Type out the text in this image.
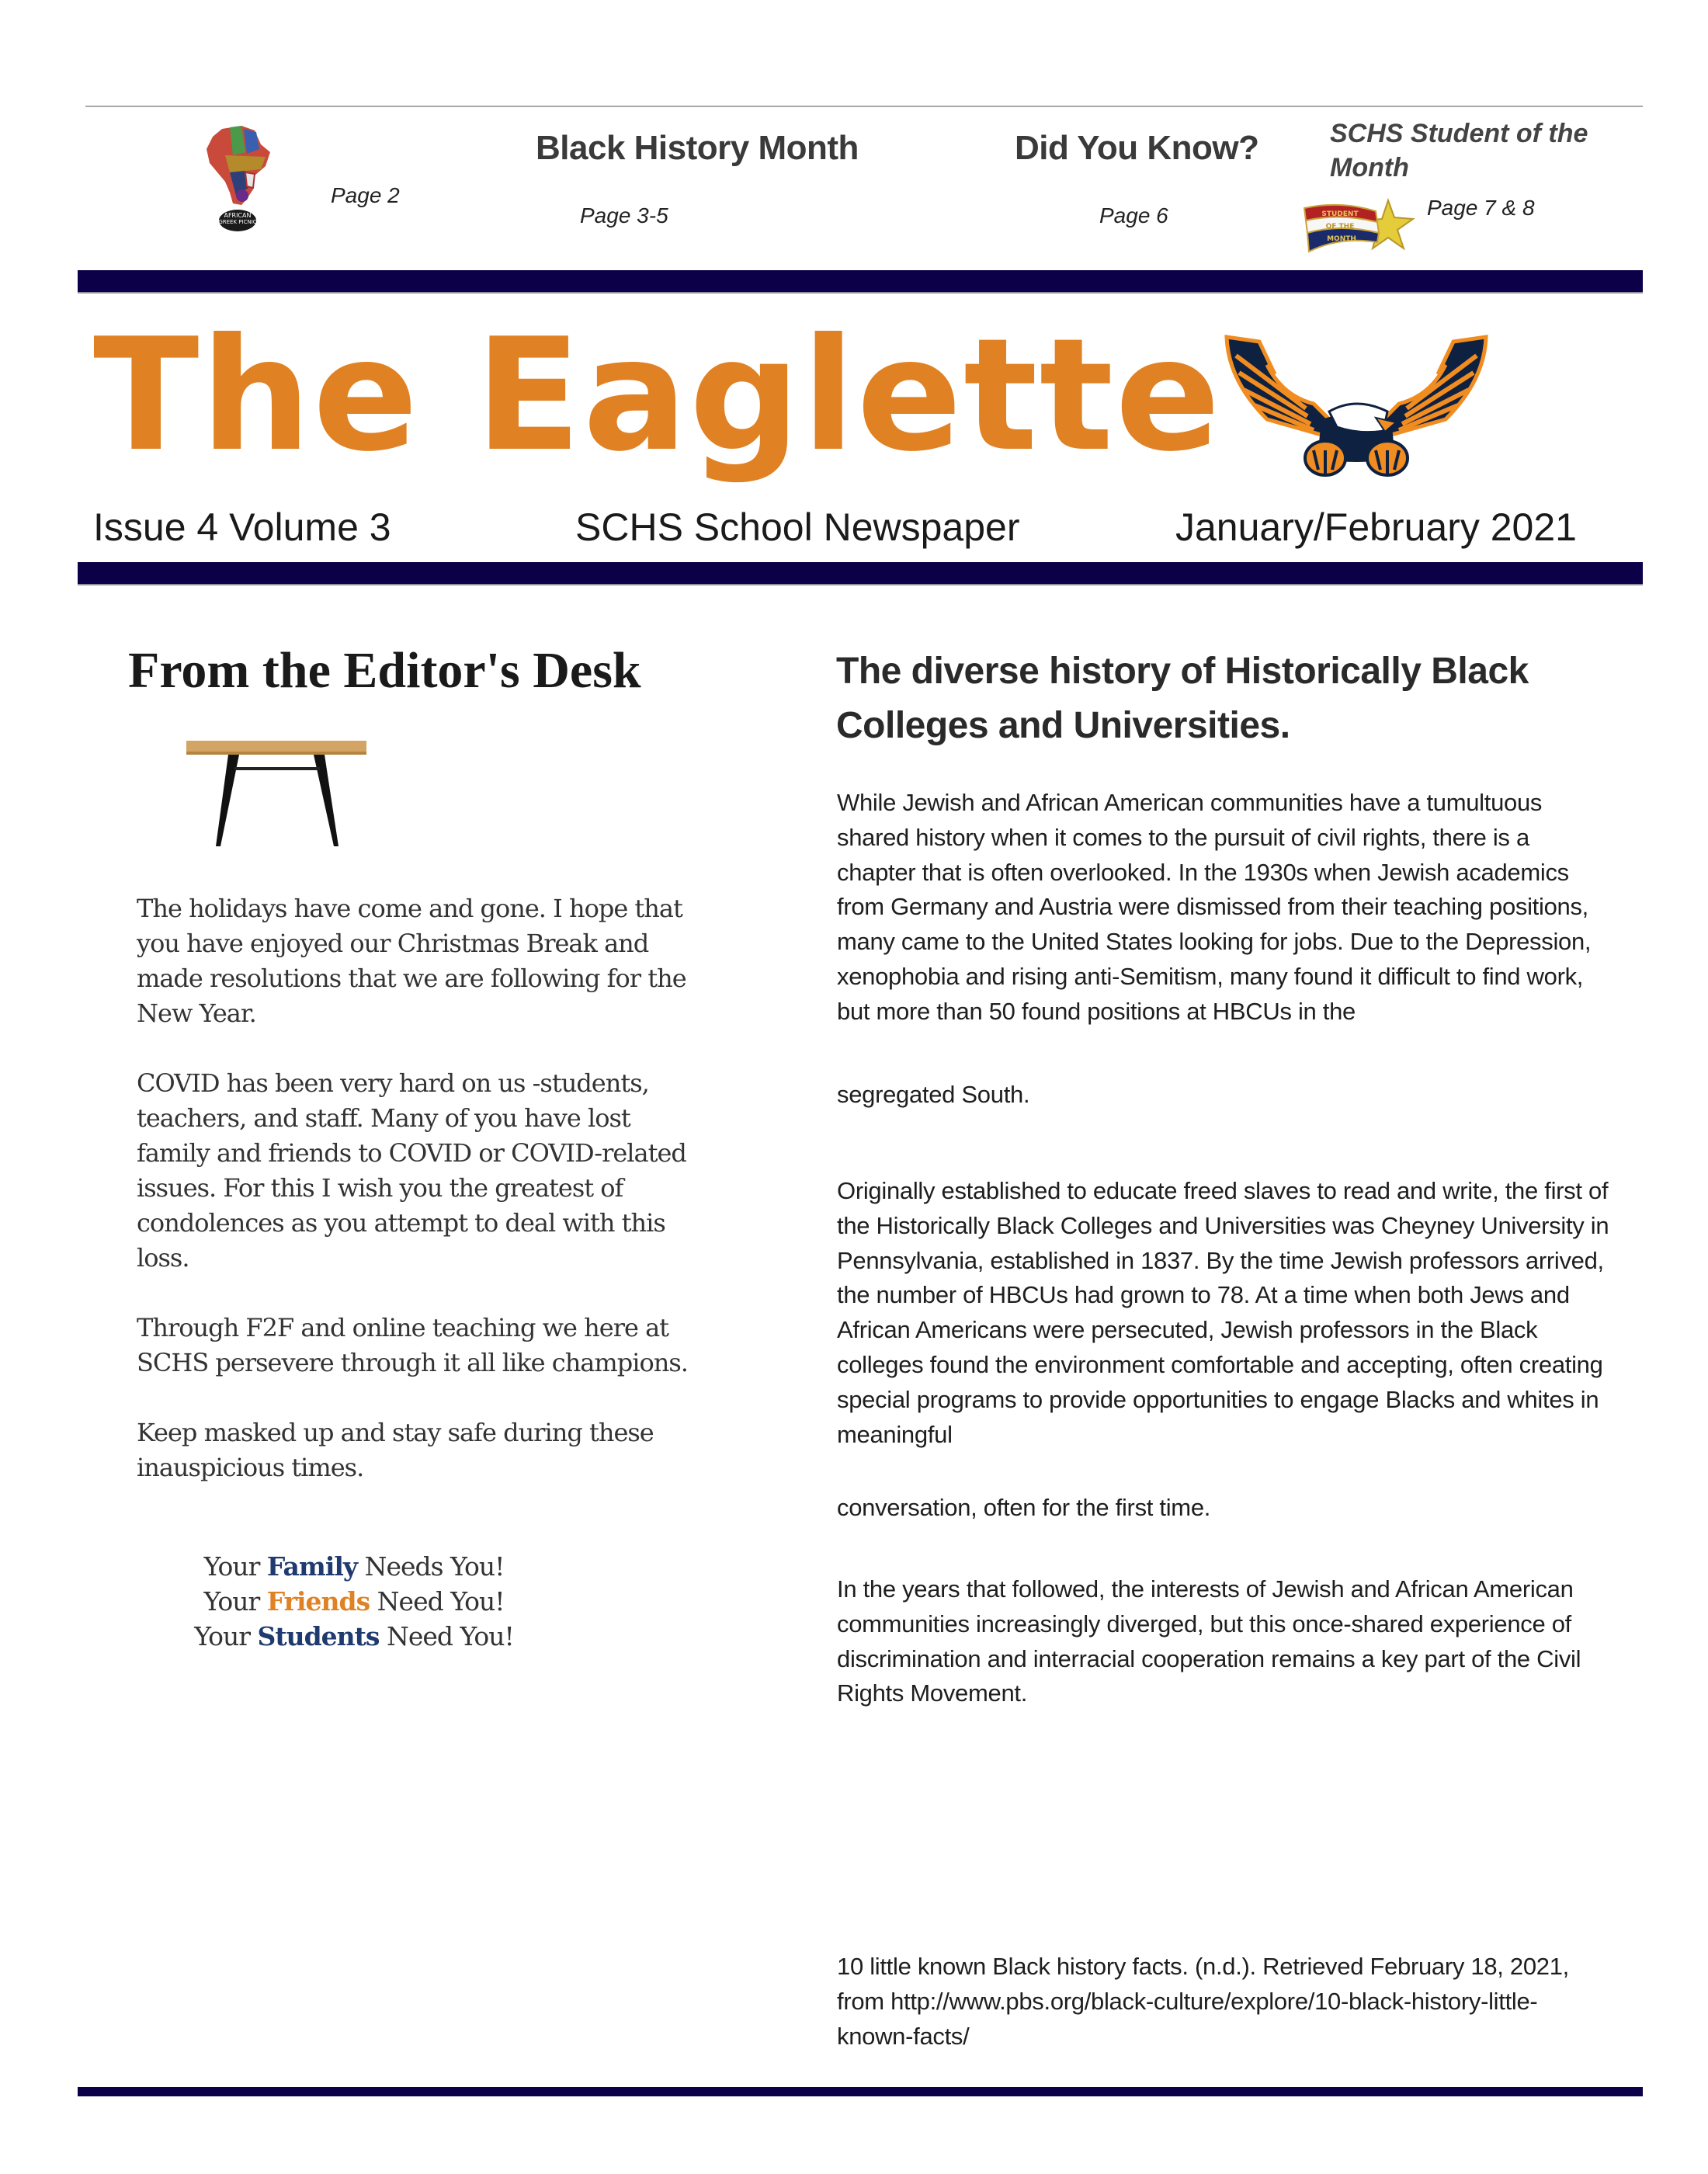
AFRICAN
GREEK PICNIC
Page 2
Black History Month
Page 3-5
Did You Know?
Page 6
SCHS Student of the Month
STUDENT
OF THE
MONTH
Page 7 & 8
The Eaglette
Issue 4 Volume 3	SCHS School Newspaper	January/February 2021
From the Editor's Desk

The holidays have come and gone. I hope that you have enjoyed our Christmas Break and made resolutions that we are following for the New Year.

COVID has been very hard on us -students, teachers, and staff. Many of you have lost family and friends to COVID or COVID-related issues. For this I wish you the greatest of condolences as you attempt to deal with this loss.

Through F2F and online teaching we here at SCHS persevere through it all like champions.

Keep masked up and stay safe during these inauspicious times.

Your Family Needs You!
Your Friends Need You!
Your Students Need You!
The diverse history of Historically Black Colleges and Universities.
While Jewish and African American communities have a tumultuous shared history when it comes to the pursuit of civil rights, there is a chapter that is often overlooked. In the 1930s when Jewish academics from Germany and Austria were dismissed from their teaching positions, many came to the United States looking for jobs. Due to the Depression, xenophobia and rising anti-Semitism, many found it difficult to find work, but more than 50 found positions at HBCUs in the
segregated South.
Originally established to educate freed slaves to read and write, the first of the Historically Black Colleges and Universities was Cheyney University in Pennsylvania, established in 1837. By the time Jewish professors arrived, the number of HBCUs had grown to 78. At a time when both Jews and African Americans were persecuted, Jewish professors in the Black colleges found the environment comfortable and accepting, often creating special programs to provide opportunities to engage Blacks and whites in meaningful
conversation, often for the first time.
In the years that followed, the interests of Jewish and African American communities increasingly diverged, but this once-shared experience of discrimination and interracial cooperation remains a key part of the Civil Rights Movement.
10 little known Black history facts. (n.d.). Retrieved February 18, 2021, from http://www.pbs.org/black-culture/explore/10-black-history-little-known-facts/
